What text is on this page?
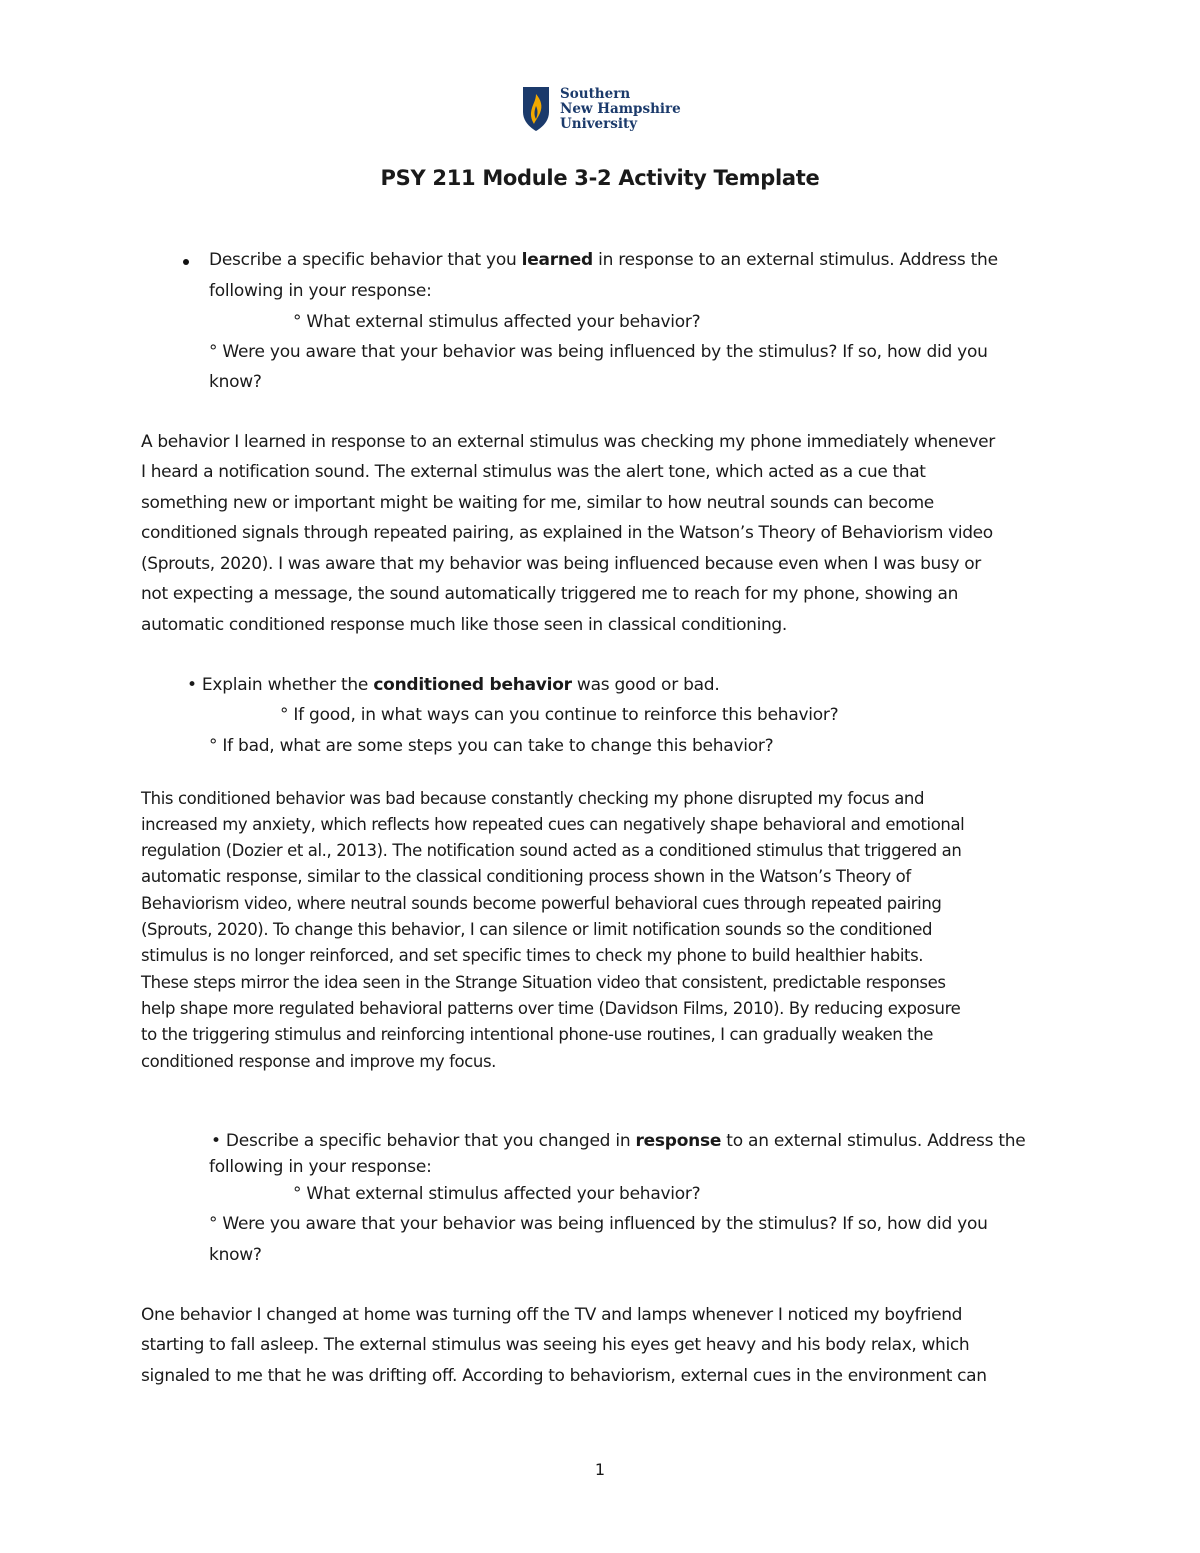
Southern
New Hampshire
University
PSY 211 Module 3-2 Activity Template
Describe a specific behavior that you learned in response to an external stimulus. Address the
following in your response:
° What external stimulus affected your behavior?
° Were you aware that your behavior was being influenced by the stimulus? If so, how did you
know?
A behavior I learned in response to an external stimulus was checking my phone immediately whenever
I heard a notification sound. The external stimulus was the alert tone, which acted as a cue that
something new or important might be waiting for me, similar to how neutral sounds can become
conditioned signals through repeated pairing, as explained in the Watson’s Theory of Behaviorism video
(Sprouts, 2020). I was aware that my behavior was being influenced because even when I was busy or
not expecting a message, the sound automatically triggered me to reach for my phone, showing an
automatic conditioned response much like those seen in classical conditioning.
• Explain whether the conditioned behavior was good or bad.
° If good, in what ways can you continue to reinforce this behavior?
° If bad, what are some steps you can take to change this behavior?
This conditioned behavior was bad because constantly checking my phone disrupted my focus and
increased my anxiety, which reflects how repeated cues can negatively shape behavioral and emotional
regulation (Dozier et al., 2013). The notification sound acted as a conditioned stimulus that triggered an
automatic response, similar to the classical conditioning process shown in the Watson’s Theory of
Behaviorism video, where neutral sounds become powerful behavioral cues through repeated pairing
(Sprouts, 2020). To change this behavior, I can silence or limit notification sounds so the conditioned
stimulus is no longer reinforced, and set specific times to check my phone to build healthier habits.
These steps mirror the idea seen in the Strange Situation video that consistent, predictable responses
help shape more regulated behavioral patterns over time (Davidson Films, 2010). By reducing exposure
to the triggering stimulus and reinforcing intentional phone-use routines, I can gradually weaken the
conditioned response and improve my focus.
• Describe a specific behavior that you changed in response to an external stimulus. Address the
following in your response:
° What external stimulus affected your behavior?
° Were you aware that your behavior was being influenced by the stimulus? If so, how did you
know?
One behavior I changed at home was turning off the TV and lamps whenever I noticed my boyfriend
starting to fall asleep. The external stimulus was seeing his eyes get heavy and his body relax, which
signaled to me that he was drifting off. According to behaviorism, external cues in the environment can
1
